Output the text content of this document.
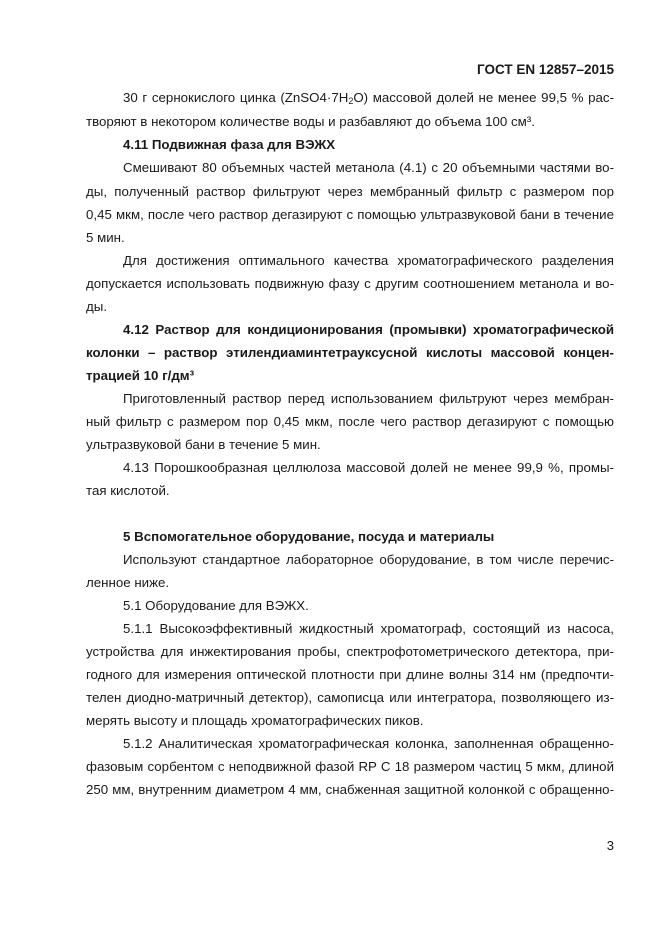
ГОСТ EN 12857–2015
30 г сернокислого цинка $(ZnSO4\cdot 7H_2O)$ массовой долей не менее 99,5 % рас-
творяют в некотором количестве воды и разбавляют до объема 100 см³.
4.11 Подвижная фаза для ВЭЖХ
Смешивают 80 объемных частей метанола (4.1) с 20 объемными частями во-
ды, полученный раствор фильтруют через мембранный фильтр с размером пор
0,45 мкм, после чего раствор дегазируют с помощью ультразвуковой бани в течение
5 мин.
Для достижения оптимального качества хроматографического разделения
допускается использовать подвижную фазу с другим соотношением метанола и во-
ды.
4.12 Раствор для кондиционирования (промывки) хроматографической
колонки – раствор этилендиаминтетрауксусной кислоты массовой концен-
трацией 10 г/дм³
Приготовленный раствор перед использованием фильтруют через мембран-
ный фильтр с размером пор 0,45 мкм, после чего раствор дегазируют с помощью
ультразвуковой бани в течение 5 мин.
4.13 Порошкообразная целлюлоза массовой долей не менее 99,9 %, промы-
тая кислотой.
5 Вспомогательное оборудование, посуда и материалы
Используют стандартное лабораторное оборудование, в том числе перечис-
ленное ниже.
5.1 Оборудование для ВЭЖХ.
5.1.1 Высокоэффективный жидкостный хроматограф, состоящий из насоса,
устройства для инжектирования пробы, спектрофотометрического детектора, при-
годного для измерения оптической плотности при длине волны 314 нм (предпочти-
телен диодно-матричный детектор), самописца или интегратора, позволяющего из-
мерять высоту и площадь хроматографических пиков.
5.1.2 Аналитическая хроматографическая колонка, заполненная обращенно-
фазовым сорбентом с неподвижной фазой RP C 18 размером частиц 5 мкм, длиной
250 мм, внутренним диаметром 4 мм, снабженная защитной колонкой с обращенно-
3
